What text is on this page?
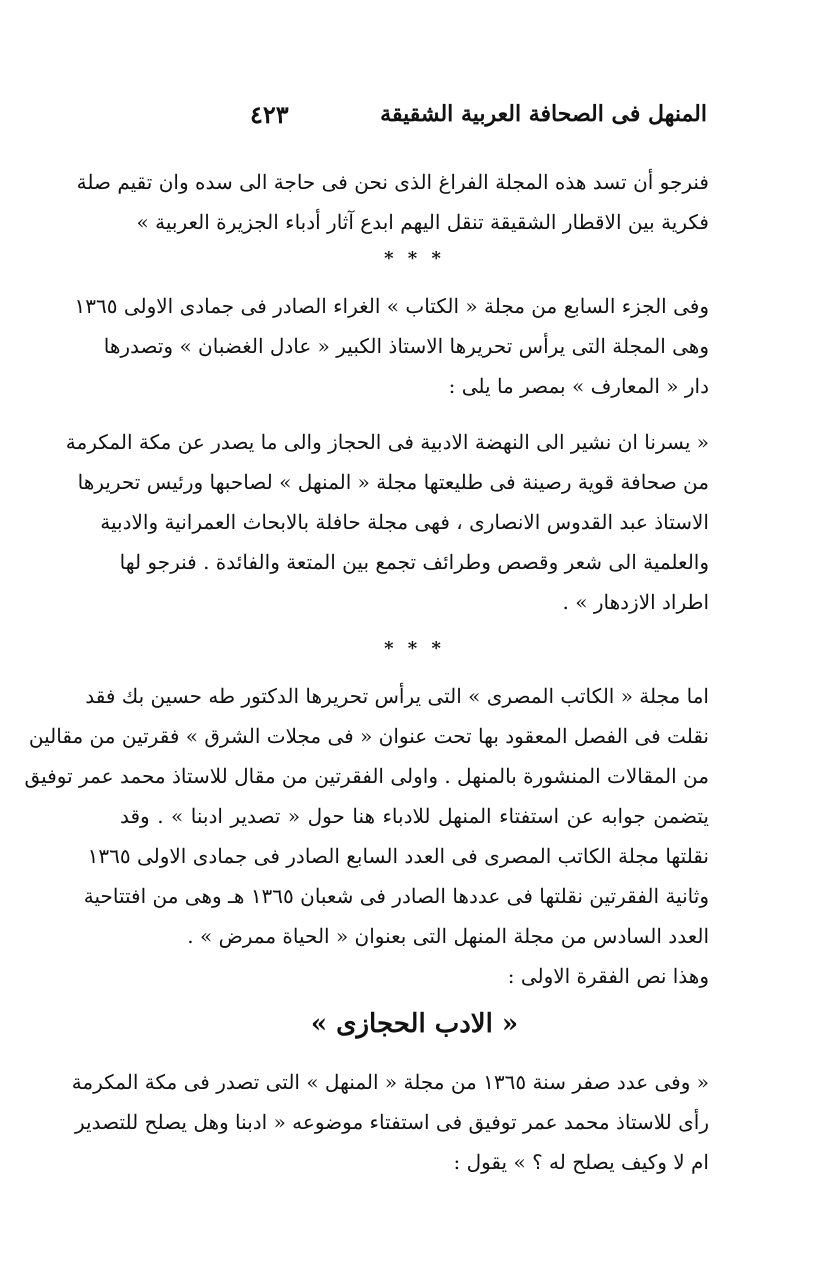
المنهل فى الصحافة العربية الشقيقة
٤٢٣
فنرجو أن تسد هذه المجلة الفراغ الذى نحن فى حاجة الى سده وان تقيم صلة
فكرية بين الاقطار الشقيقة تنقل اليهم ابدع آثار أدباء الجزيرة العربية »
* * *
وفى الجزء السابع من مجلة « الكتاب » الغراء الصادر فى جمادى الاولى ١٣٦٥
وهى المجلة التى يرأس تحريرها الاستاذ الكبير « عادل الغضبان » وتصدرها
دار « المعارف » بمصر ما يلى :
« يسرنا ان نشير الى النهضة الادبية فى الحجاز والى ما يصدر عن مكة المكرمة
من صحافة قوية رصينة فى طليعتها مجلة « المنهل » لصاحبها ورئيس تحريرها
الاستاذ عبد القدوس الانصارى ، فهى مجلة حافلة بالابحاث العمرانية والادبية
والعلمية الى شعر وقصص وطرائف تجمع بين المتعة والفائدة . فنرجو لها
اطراد الازدهار » .
* * *
اما مجلة « الكاتب المصرى » التى يرأس تحريرها الدكتور طه حسين بك فقد
نقلت فى الفصل المعقود بها تحت عنوان « فى مجلات الشرق » فقرتين من مقالين
من المقالات المنشورة بالمنهل . واولى الفقرتين من مقال للاستاذ محمد عمر توفيق
يتضمن جوابه عن استفتاء المنهل للادباء هنا حول « تصدير ادبنا » . وقد
نقلتها مجلة الكاتب المصرى فى العدد السابع الصادر فى جمادى الاولى ١٣٦٥
وثانية الفقرتين نقلتها فى عددها الصادر فى شعبان ١٣٦٥ هـ وهى من افتتاحية
العدد السادس من مجلة المنهل التى بعنوان « الحياة ممرض » .
وهذا نص الفقرة الاولى :
« الادب الحجازى »
« وفى عدد صفر سنة ١٣٦٥ من مجلة « المنهل » التى تصدر فى مكة المكرمة
رأى للاستاذ محمد عمر توفيق فى استفتاء موضوعه « ادبنا وهل يصلح للتصدير
ام لا وكيف يصلح له ؟ » يقول :
